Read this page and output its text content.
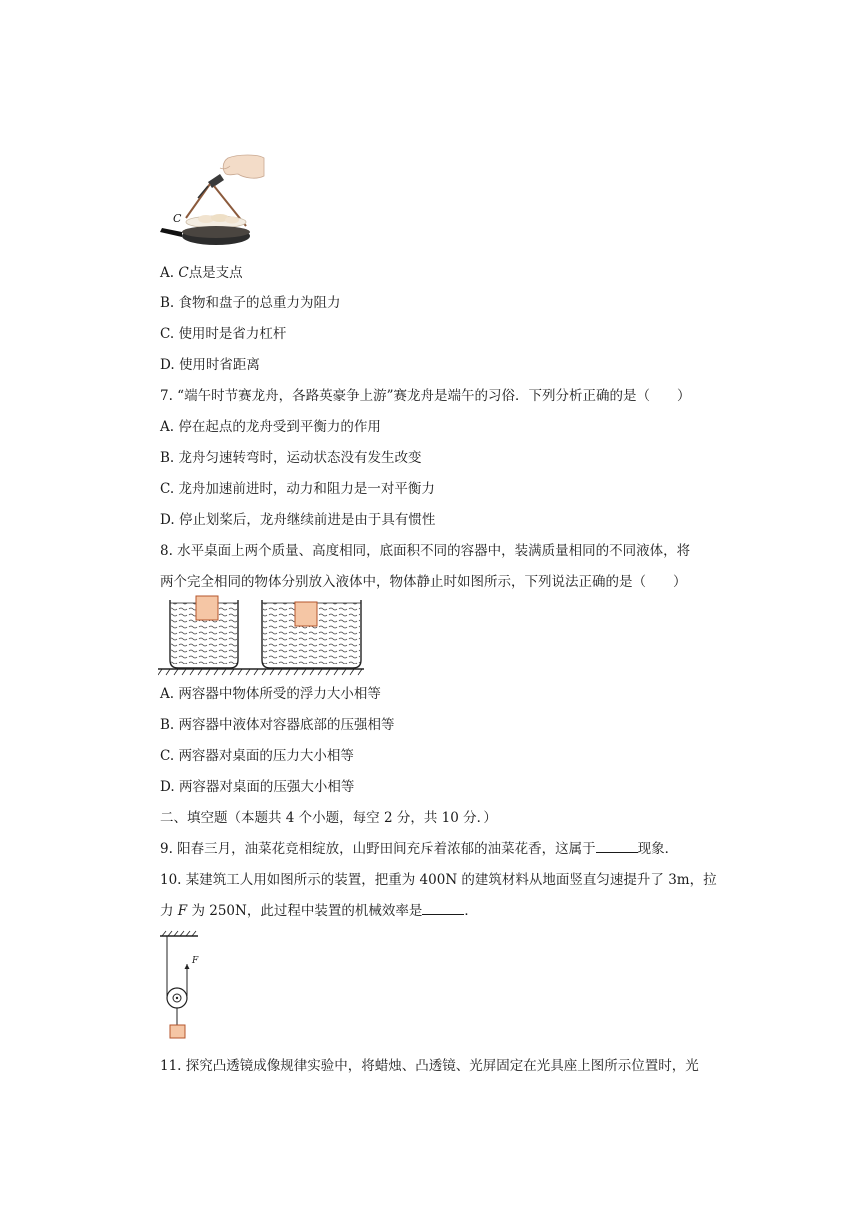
C
A. C点是支点
B. 食物和盘子的总重力为阻力
C. 使用时是省力杠杆
D. 使用时省距离
7. “端午时节赛龙舟，各路英豪争上游”赛龙舟是端午的习俗．下列分析正确的是（　　）
A. 停在起点的龙舟受到平衡力的作用
B. 龙舟匀速转弯时，运动状态没有发生改变
C. 龙舟加速前进时，动力和阻力是一对平衡力
D. 停止划桨后，龙舟继续前进是由于具有惯性
8. 水平桌面上两个质量、高度相同，底面积不同的容器中，装满质量相同的不同液体，将
两个完全相同的物体分别放入液体中，物体静止时如图所示，下列说法正确的是（　　）
A. 两容器中物体所受的浮力大小相等
B. 两容器中液体对容器底部的压强相等
C. 两容器对桌面的压力大小相等
D. 两容器对桌面的压强大小相等
二、填空题（本题共 4 个小题，每空 2 分，共 10 分．）
9. 阳春三月，油菜花竞相绽放，山野田间充斥着浓郁的油菜花香，这属于	现象．
10. 某建筑工人用如图所示的装置，把重为 400N 的建筑材料从地面竖直匀速提升了 3m，拉
力 F 为 250N，此过程中装置的机械效率是	．
F
11. 探究凸透镜成像规律实验中，将蜡烛、凸透镜、光屏固定在光具座上图所示位置时，光
